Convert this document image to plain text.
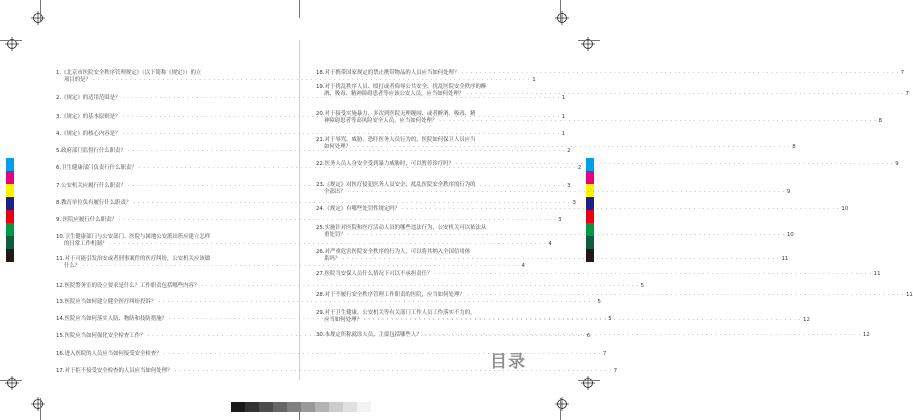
1.《北京市医院安全秩序管理规定》（以下简称《规定》）的立
项目的是？ · · ·	1
2.《规定》的适用范围是？ · · ·	1
3.《规定》的基本原则是？ · · ·	1
4.《规定》的核心内容是？ · · ·	1
5.政府部门监督行什么职责？ · · ·	2
6.卫生健康部门负责行什么职责？ · · ·	2
7.公安机关应履行什么职责？ · · ·	3
8.教育单位负有履行什么职责？ · · ·	3
9. 医院应履行什么职责？ · · ·	3
10.卫生健康部门与公安部门、医院与属地公安派出所应建立怎样
的日常工作机制？ · · ·	4
11.对于可能引发治安或者刑事案件的医疗纠纷，公安机关应该做
什么？ · · ·	4
12.医院警务室的设立要求是什么？工作职责包括哪些内容？ · · ·	5
13.医院应当如何建立健全医疗纠纷投诉？ · · ·	5
14.医院应当如何落实人防、物防和技防措施？ · · ·	5
15.医院应当如何强化安全检查工作？ · · ·	6
16.进入医院的人员应当如何接受安全检查？ · · ·	7
17.对于拒不接受安全检查的人员应当如何处理？ · · ·	7
18.对于携带国家规定的禁止携带物品的人员应当如何处理？ · · ·	7
19.对于扰乱秩序人员、殴打或者侮辱公共安全、扰乱医院安全秩序的醉
酒、吸毒、精神障碍患者等应该公安人员，应当如何处理？ · · ·	7
20.对于接受实施暴力、多次到医院无理缠闹、或者醉酒、吸毒、精
神障碍患者等高风险安全人员，应当如何处理？ · · ·	8
21.对于辱骂、威胁、恐吓医务人员行为的，医院如何保卫人员应当
如何处理？ · · ·	8
22.医务人员人身安全受到暴力威胁时，可以暂停诊疗吗？ · · ·	9
23.《规定》对医疗侵犯医务人员安全、扰乱医院安全秩序的行为的
全部出？ · · ·	9
24.《规定》有哪些处罚性规定吗？ · · ·	10
25.实施针对医院和医疗活动人员的哪些违法行为，公安机关可以依法从
重处罚？ · · ·	10
26.对严重危害医院安全秩序的行为人，可以将其纳入全国信用体
系吗？ · · ·	11
27.医院当安保人员什么情况下可以不承担责任？ · · ·	11
28.对于不履行安全秩序管理工作职责的医院，应当如何处理？ · · ·	11
29.对于卫生健康、公安机关等有关部门工作人员工作落实不力的，
应当如何处理？ · · ·	12
30.本规定所称就诊人员，主要包括哪些人？ · · ·	12
目录
